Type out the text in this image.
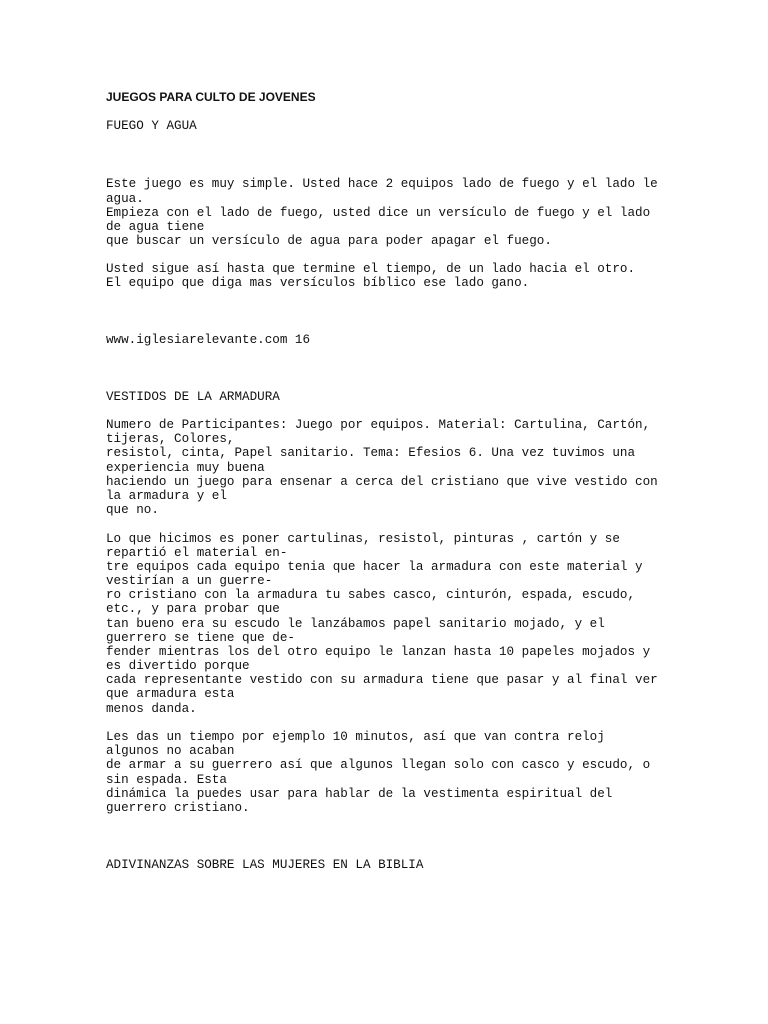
JUEGOS PARA CULTO DE JOVENES
FUEGO Y AGUA
Este juego es muy simple. Usted hace 2 equipos lado de fuego y el lado le
agua.
Empieza con el lado de fuego, usted dice un versículo de fuego y el lado
de agua tiene
que buscar un versículo de agua para poder apagar el fuego.
Usted sigue así hasta que termine el tiempo, de un lado hacia el otro.
El equipo que diga mas versículos bíblico ese lado gano.
www.iglesiarelevante.com 16
VESTIDOS DE LA ARMADURA
Numero de Participantes: Juego por equipos. Material: Cartulina, Cartón,
tijeras, Colores,
resistol, cinta, Papel sanitario. Tema: Efesios 6. Una vez tuvimos una
experiencia muy buena
haciendo un juego para ensenar a cerca del cristiano que vive vestido con
la armadura y el
que no.
Lo que hicimos es poner cartulinas, resistol, pinturas , cartón y se
repartió el material en-
tre equipos cada equipo tenia que hacer la armadura con este material y
vestirían a un guerre-
ro cristiano con la armadura tu sabes casco, cinturón, espada, escudo,
etc., y para probar que
tan bueno era su escudo le lanzábamos papel sanitario mojado, y el
guerrero se tiene que de-
fender mientras los del otro equipo le lanzan hasta 10 papeles mojados y
es divertido porque
cada representante vestido con su armadura tiene que pasar y al final ver
que armadura esta
menos danda.
Les das un tiempo por ejemplo 10 minutos, así que van contra reloj
algunos no acaban
de armar a su guerrero así que algunos llegan solo con casco y escudo, o
sin espada. Esta
dinámica la puedes usar para hablar de la vestimenta espiritual del
guerrero cristiano.
ADIVINANZAS SOBRE LAS MUJERES EN LA BIBLIA
